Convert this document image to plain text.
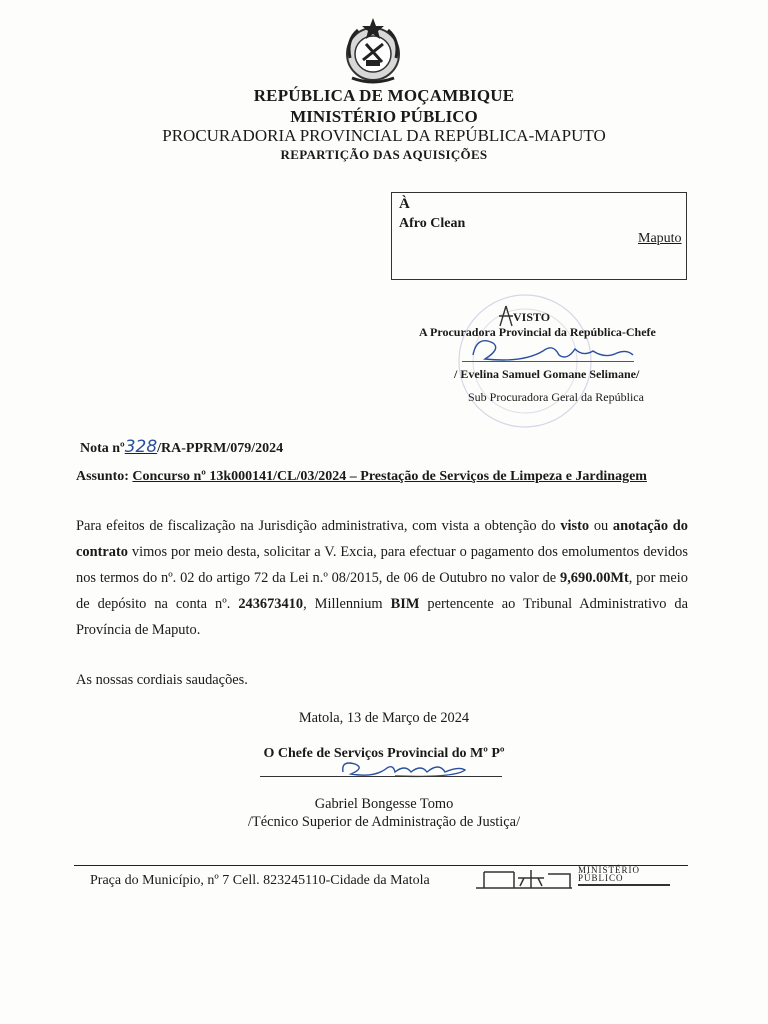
REPÚBLICA DE MOÇAMBIQUE
MINISTÉRIO PÚBLICO
PROCURADORIA PROVINCIAL DA REPÚBLICA-MAPUTO
REPARTIÇÃO DAS AQUISIÇÕES
À
Afro Clean
Maputo
VISTO
A Procuradora Provincial da República-Chefe
/ Evelina Samuel Gomane Selimane/
Sub Procuradora Geral da República
Nota nº328/RA-PPRM/079/2024
Assunto: Concurso nº 13k000141/CL/03/2024 – Prestação de Serviços de Limpeza e Jardinagem
Para efeitos de fiscalização na Jurisdição administrativa, com vista a obtenção do visto ou anotação do contrato vimos por meio desta, solicitar a V. Excia, para efectuar o pagamento dos emolumentos devidos nos termos do nº. 02 do artigo 72 da Lei n.º 08/2015, de 06 de Outubro no valor de 9,690.00Mt, por meio de depósito na conta nº. 243673410, Millennium BIM pertencente ao Tribunal Administrativo da Província de Maputo.
As nossas cordiais saudações.
Matola, 13 de Março de 2024
O Chefe de Serviços Provincial do Mº Pº
Gabriel Bongesse Tomo
/Técnico Superior de Administração de Justiça/
Praça do Município, nº 7 Cell. 823245110-Cidade da Matola
MINISTÉRIO
PÚBLICO
